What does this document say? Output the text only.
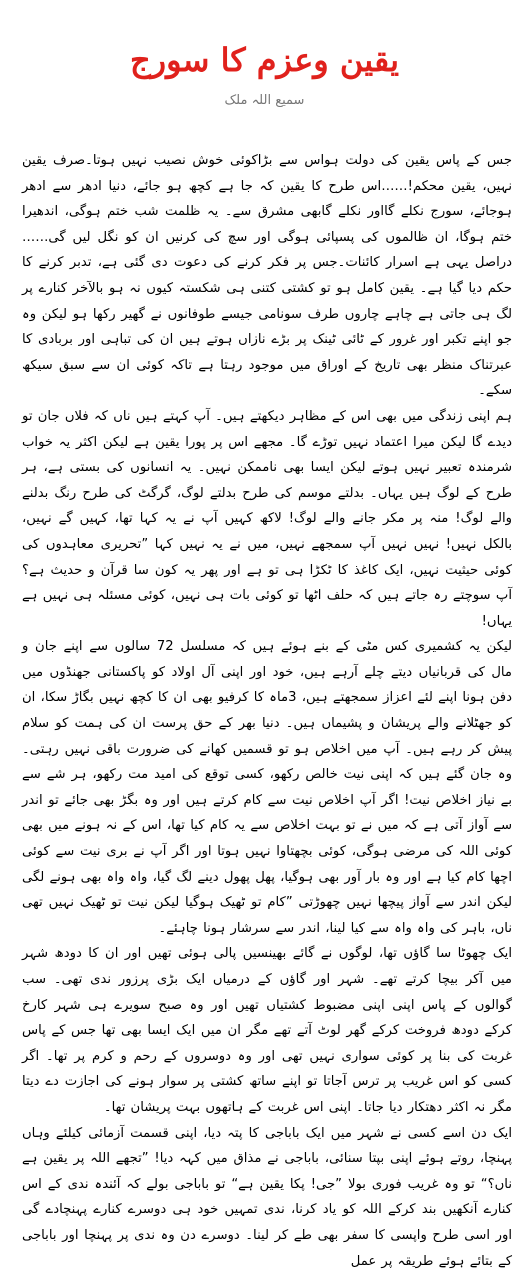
یقین وعزم کا سورج
سمیع اللہ ملک

جس کے پاس یقین کی دولت ہواس سے بڑاکوئی خوش نصیب نہیں ہوتا۔صرف یقین نہیں، یقین محکم!……اس طرح کا یقین کہ جا ہے کچھ ہو جائے، دنیا ادھر سے ادھر ہوجائے، سورج نکلے گااور نکلے گابھی مشرق سے۔ یہ ظلمت شب ختم ہوگی، اندھیرا ختم ہوگا، ان ظالموں کی پسپائی ہوگی اور سچ کی کرنیں ان کو نگل لیں گی……دراصل یہی ہے اسرار کائنات۔جس پر فکر کرنے کی دعوت دی گئی ہے، تدبر کرنے کا حکم دیا گیا ہے۔ یقین کامل ہو تو کشتی کتنی ہی شکستہ کیوں نہ ہو بالآخر کنارے پر لگ ہی جاتی ہے چاہے چاروں طرف سونامی جیسے طوفانوں نے گھیر رکھا ہو لیکن وہ جو اپنے تکبر اور غرور کے ٹائی ٹینک پر بڑے نازاں ہوتے ہیں ان کی تباہی اور بربادی کا عبرتناک منظر بھی تاریخ کے اوراق میں موجود رہتا ہے تاکہ کوئی ان سے سبق سیکھ سکے۔

ہم اپنی زندگی میں بھی اس کے مظاہر دیکھتے ہیں۔ آپ کہتے ہیں ناں کہ فلاں جان تو دیدے گا لیکن میرا اعتماد نہیں توڑے گا۔ مجھے اس پر پورا یقین ہے لیکن اکثر یہ خواب شرمندہ تعبیر نہیں ہوتے لیکن ایسا بھی ناممکن نہیں۔ یہ انسانوں کی بستی ہے، ہر طرح کے لوگ ہیں یہاں۔ بدلتے موسم کی طرح بدلتے لوگ، گرگٹ کی طرح رنگ بدلنے والے لوگ! منہ پر مکر جانے والے لوگ! لاکھ کہیں آپ نے یہ کہا تھا، کہیں گے نہیں، بالکل نہیں! نہیں نہیں آپ سمجھے نہیں، میں نے یہ نہیں کہا ”تحریری معاہدوں کی کوئی حیثیت نہیں، ایک کاغذ کا ٹکڑا ہی تو ہے اور پھر یہ کون سا قرآن و حدیث ہے؟ آپ سوچتے رہ جاتے ہیں کہ حلف اٹھا تو کوئی بات ہی نہیں، کوئی مسئلہ ہی نہیں ہے یہاں!

لیکن یہ کشمیری کس مٹی کے بنے ہوئے ہیں کہ مسلسل 72 سالوں سے اپنے جان و مال کی قربانیاں دیتے چلے آرہے ہیں، خود اور اپنی آل اولاد کو پاکستانی جھنڈوں میں دفن ہونا اپنے لئے اعزاز سمجھتے ہیں، 3ماہ کا کرفیو بھی ان کا کچھ نہیں بگاڑ سکا، ان کو جھٹلانے والے پریشان و پشیماں ہیں۔ دنیا بھر کے حق پرست ان کی ہمت کو سلام پیش کر رہے ہیں۔ آپ میں اخلاص ہو تو قسمیں کھانے کی ضرورت باقی نہیں رہتی۔ وہ جان گئے ہیں کہ اپنی نیت خالص رکھو، کسی توقع کی امید مت رکھو، ہر شے سے بے نیاز اخلاص نیت! اگر آپ اخلاص نیت سے کام کرتے ہیں اور وہ بگڑ بھی جائے تو اندر سے آواز آتی ہے کہ میں نے تو بہت اخلاص سے یہ کام کیا تھا، اس کے نہ ہونے میں بھی کوئی اللہ کی مرضی ہوگی، کوئی بچھتاوا نہیں ہوتا اور اگر آپ نے بری نیت سے کوئی اچھا کام کیا ہے اور وہ بار آور بھی ہوگیا، پھل پھول دینے لگ گیا، واہ واہ بھی ہونے لگی لیکن اندر سے آواز پیچھا نہیں چھوڑتی ”کام تو ٹھیک ہوگیا لیکن نیت تو ٹھیک نہیں تھی ناں، باہر کی واہ واہ سے کیا لینا، اندر سے سرشار ہونا چاہئے۔

ایک چھوٹا سا گاؤں تھا، لوگوں نے گائے بھینسیں پالی ہوئی تھیں اور ان کا دودھ شہر میں آکر بیچا کرتے تھے۔ شہر اور گاؤں کے درمیاں ایک بڑی پرزور ندی تھی۔ سب گوالوں کے پاس اپنی اپنی مضبوط کشتیاں تھیں اور وہ صبح سویرے ہی شہر کارخ کرکے دودھ فروخت کرکے گھر لوٹ آتے تھے مگر ان میں ایک ایسا بھی تھا جس کے پاس غربت کی بنا پر کوئی سواری نہیں تھی اور وہ دوسروں کے رحم و کرم پر تھا۔ اگر کسی کو اس غریب پر ترس آجاتا تو اپنے ساتھ کشتی پر سوار ہونے کی اجازت دے دیتا مگر نہ اکثر دھتکار دیا جاتا۔ اپنی اس غربت کے ہاتھوں بہت پریشان تھا۔

ایک دن اسے کسی نے شہر میں ایک باباجی کا پتہ دیا، اپنی قسمت آزمائی کیلئے وہاں پہنچا، روتے ہوئے اپنی بپتا سنائی، باباجی نے مذاق میں کہہ دیا! ”تجھے اللہ پر یقین ہے ناں؟“ تو وہ غریب فوری بولا ”جی! پکا یقین ہے“ تو باباجی بولے کہ آئندہ ندی کے اس کنارے آنکھیں بند کرکے اللہ کو یاد کرنا، ندی تمہیں خود ہی دوسرے کنارے پہنچادے گی اور اسی طرح واپسی کا سفر بھی طے کر لینا۔ دوسرے دن وہ ندی پر پہنچا اور باباجی کے بتائے ہوئے طریقہ پر عمل
